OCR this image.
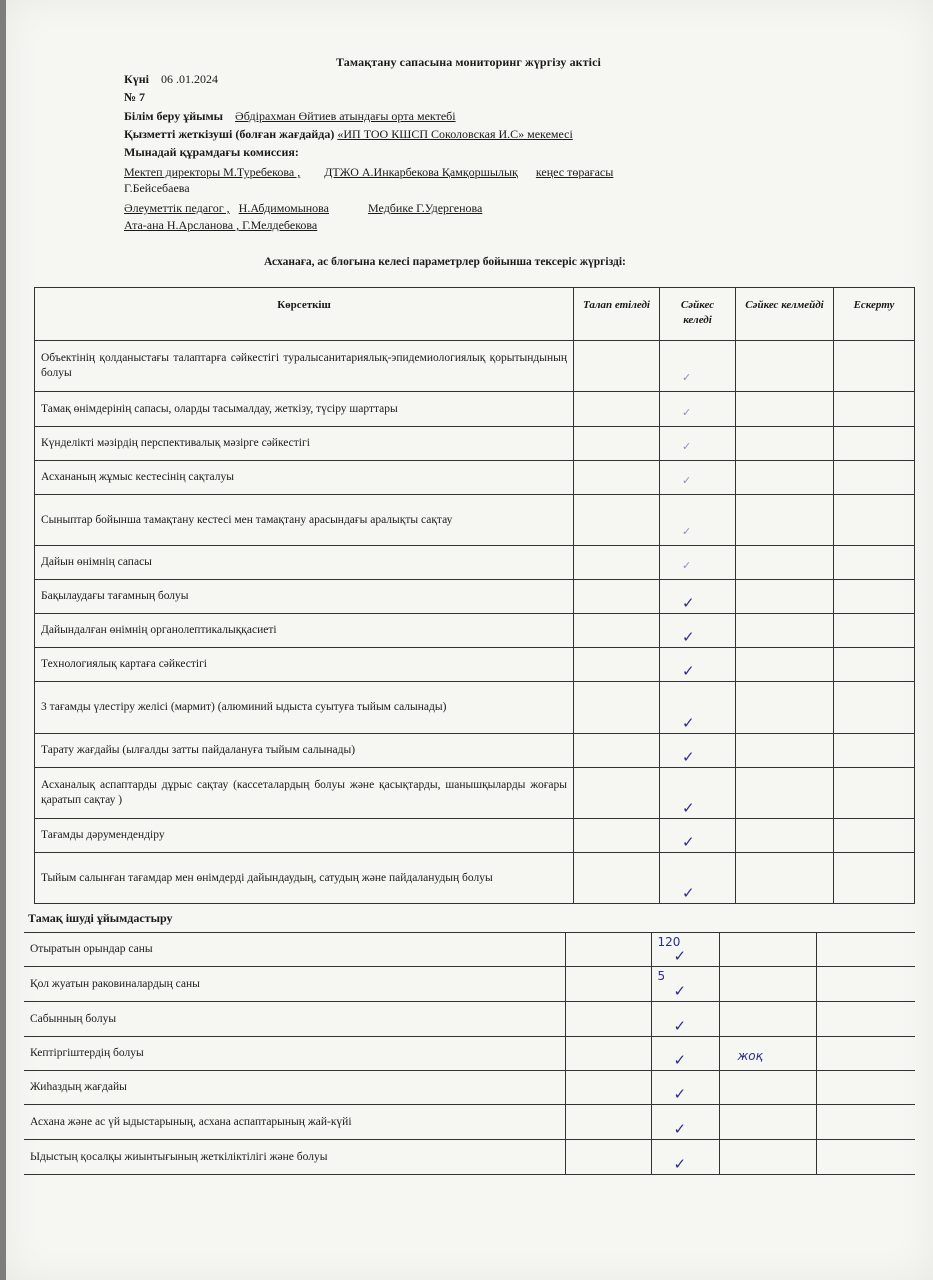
Тамақтану сапасына мониторинг жүргізу актісі
Күні 06 .01.2024
№ 7
Білім беру ұйымы Әбдірахман Өйтиев атындағы орта мектебі
Қызметті жеткізуші (болған жағдайда) «ИП ТОО КШСП Соколовская И.С» мекемесі
Мынадай құрамдағы комиссия:
Мектеп директоры М.Туребекова , ДТЖО А.Инкарбекова Қамқоршылық кеңес төрағасы
Г.Бейсебаева
Әлеуметтік педагог , Н.Абдимомынова	Медбике Г.Удергенова
Ата-ана Н.Арсланова , Г.Мелдебекова
Асханаға, ас блогына келесі параметрлер бойынша тексеріс жүргізді:
Көрсеткіш	Талап етіледі	Сәйкес келеді	Сәйкес келмейді	Ескерту
Объектінің қолданыстағы талаптарға сәйкестігі туралысанитариялық-эпидемиологиялық қорытындының болуы		✓		

Тамақ өнімдерінің сапасы, оларды тасымалдау, жеткізу, түсіру шарттары		✓		

Күнделікті мәзірдің перспективалық мәзірге сәйкестігі		✓		

Асхананың жұмыс кестесінің сақталуы		✓		

Сыныптар бойынша тамақтану кестесі мен тамақтану арасындағы аралықты сақтау		✓		

Дайын өнімнің сапасы		✓		

Бақылаудағы тағамның болуы		✓		

Дайындалған өнімнің органолептикалыққасиеті		✓		

Технологиялық картаға сәйкестігі		✓		

3 тағамды үлестіру желісі (мармит) (алюминий ыдыста суытуға тыйым салынады)		✓		

Тарату жағдайы (ылғалды затты пайдалануға тыйым салынады)		✓		

Асханалық аспаптарды дұрыс сақтау (кассеталардың болуы және қасықтарды, шанышқыларды жоғары қаратып сақтау )		✓		

Тағамды дәрумендендіру		✓		

Тыйым салынған тағамдар мен өнімдерді дайындаудың, сатудың және пайдаланудың болуы		✓		

Тамақ ішуді ұйымдастыру
Отыратын орындар саны		120
✓		

Қол жуатын раковиналардың саны		5
✓		

Сабынның болуы		✓		

Кептіргіштердің болуы		✓	жоқ	

Жиһаздың жағдайы		✓		

Асхана және ас үй ыдыстарының, асхана аспаптарының жай-күйі		✓		

Ыдыстың қосалқы жиынтығының жеткіліктілігі және болуы		✓		
